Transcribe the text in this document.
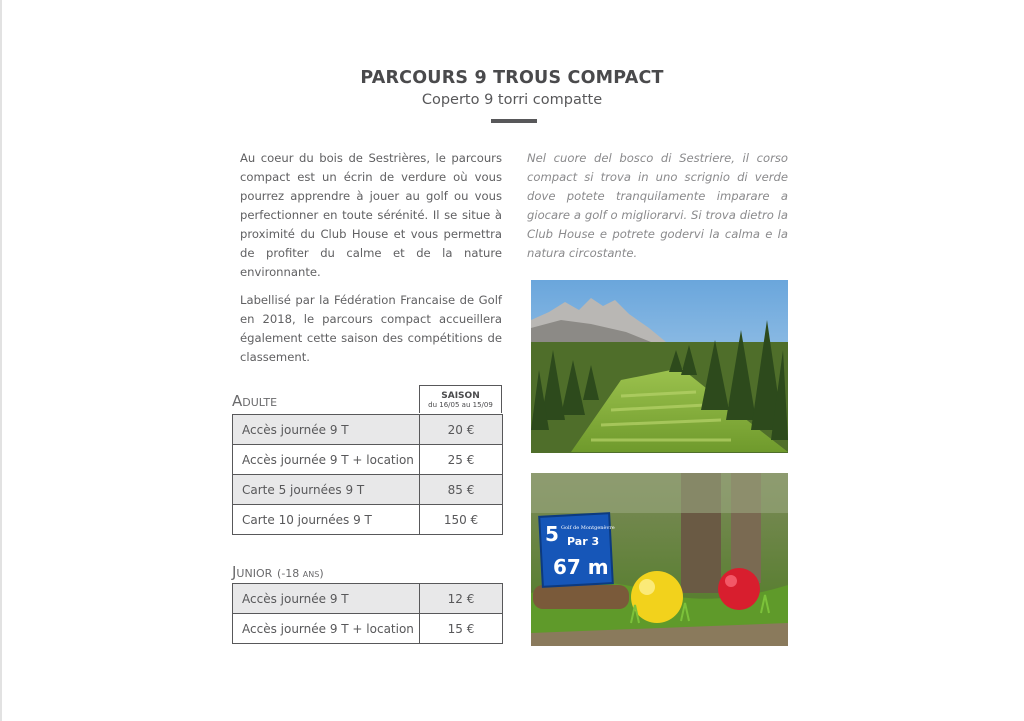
PARCOURS 9 TROUS COMPACT
Coperto 9 torri compatte

Au coeur du bois de Sestrières, le parcours compact est un écrin de verdure où vous pourrez apprendre à jouer au golf ou vous perfectionner en toute sérénité. Il se situe à proximité du Club House et vous permettra de profiter du calme et de la nature environnante.

Labellisé par la Fédération Francaise de Golf en 2018, le parcours compact accueillera également cette saison des compétitions de classement.

Nel cuore del bosco di Sestriere, il corso compact si trova in uno scrignio di verde dove potete tranquilamente imparare a giocare a golf o migliorarvi. Si trova dietro la Club House e potrete godervi la calma e la natura circostante.

Adulte	SAISON
du 16/05 au 15/09
Accès journée 9 T	20 €
Accès journée 9 T + location	25 €
Carte 5 journées 9 T	85 €
Carte 10 journées 9 T	150 €
Junior (-18 ans)
Accès journée 9 T	12 €
Accès journée 9 T + location	15 €
5 Golf de Montgenèvre
Par 3
67 m
